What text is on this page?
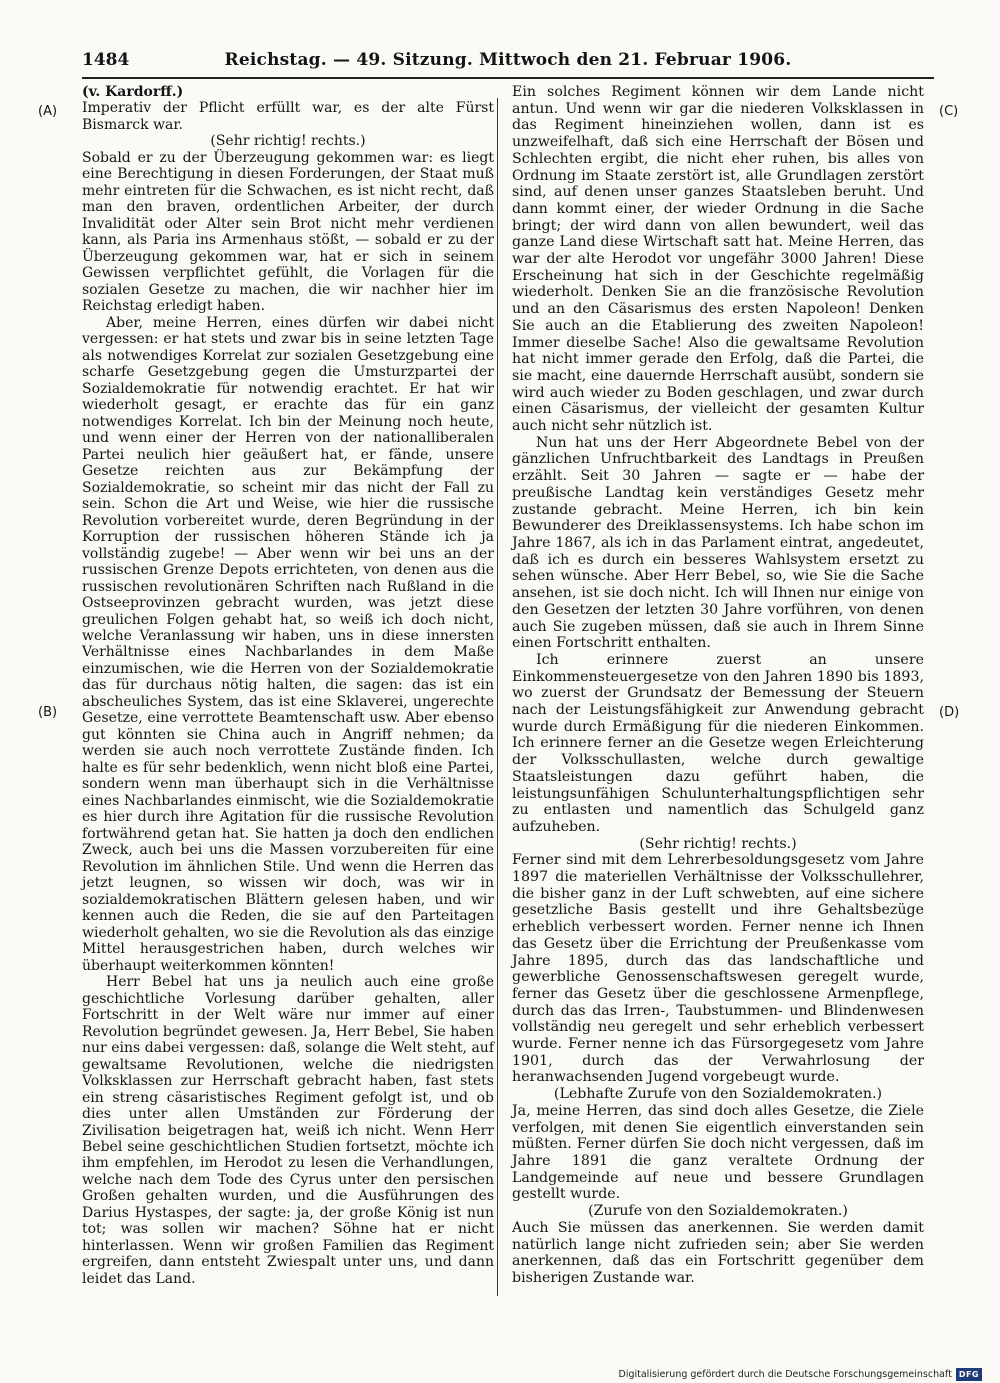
1484	Reichstag. — 49. Sitzung. Mittwoch den 21. Februar 1906.
(A)
(B)
(C)
(D)

(v. Kardorff.)

Imperativ der Pflicht erfüllt war, es der alte Fürst Bismarck war.

(Sehr richtig! rechts.)

Sobald er zu der Überzeugung gekommen war: es liegt eine Berechtigung in diesen Forderungen, der Staat muß mehr eintreten für die Schwachen, es ist nicht recht, daß man den braven, ordentlichen Arbeiter, der durch Invalidität oder Alter sein Brot nicht mehr verdienen kann, als Paria ins Armenhaus stößt, — sobald er zu der Überzeugung gekommen war, hat er sich in seinem Gewissen verpflichtet gefühlt, die Vorlagen für die sozialen Gesetze zu machen, die wir nachher hier im Reichstag erledigt haben.

Aber, meine Herren, eines dürfen wir dabei nicht vergessen: er hat stets und zwar bis in seine letzten Tage als notwendiges Korrelat zur sozialen Gesetzgebung eine scharfe Gesetzgebung gegen die Umsturzpartei der Sozialdemokratie für notwendig erachtet. Er hat wir wiederholt gesagt, er erachte das für ein ganz notwendiges Korrelat. Ich bin der Meinung noch heute, und wenn einer der Herren von der nationalliberalen Partei neulich hier geäußert hat, er fände, unsere Gesetze reichten aus zur Bekämpfung der Sozialdemokratie, so scheint mir das nicht der Fall zu sein. Schon die Art und Weise, wie hier die russische Revolution vorbereitet wurde, deren Begründung in der Korruption der russischen höheren Stände ich ja vollständig zugebe! — Aber wenn wir bei uns an der russischen Grenze Depots errichteten, von denen aus die russischen revolutionären Schriften nach Rußland in die Ostseeprovinzen gebracht wurden, was jetzt diese greulichen Folgen gehabt hat, so weiß ich doch nicht, welche Veranlassung wir haben, uns in diese innersten Verhältnisse eines Nachbarlandes in dem Maße einzumischen, wie die Herren von der Sozialdemokratie das für durchaus nötig halten, die sagen: das ist ein abscheuliches System, das ist eine Sklaverei, ungerechte Gesetze, eine verrottete Beamtenschaft usw. Aber ebenso gut könnten sie China auch in Angriff nehmen; da werden sie auch noch verrottete Zustände finden. Ich halte es für sehr bedenklich, wenn nicht bloß eine Partei, sondern wenn man überhaupt sich in die Verhältnisse eines Nachbarlandes einmischt, wie die Sozialdemokratie es hier durch ihre Agitation für die russische Revolution fortwährend getan hat. Sie hatten ja doch den endlichen Zweck, auch bei uns die Massen vorzubereiten für eine Revolution im ähnlichen Stile. Und wenn die Herren das jetzt leugnen, so wissen wir doch, was wir in sozialdemokratischen Blättern gelesen haben, und wir kennen auch die Reden, die sie auf den Parteitagen wiederholt gehalten, wo sie die Revolution als das einzige Mittel herausgestrichen haben, durch welches wir überhaupt weiterkommen könnten!

Herr Bebel hat uns ja neulich auch eine große geschichtliche Vorlesung darüber gehalten, aller Fortschritt in der Welt wäre nur immer auf einer Revolution begründet gewesen. Ja, Herr Bebel, Sie haben nur eins dabei vergessen: daß, solange die Welt steht, auf gewaltsame Revolutionen, welche die niedrigsten Volksklassen zur Herrschaft gebracht haben, fast stets ein streng cäsaristisches Regiment gefolgt ist, und ob dies unter allen Umständen zur Förderung der Zivilisation beigetragen hat, weiß ich nicht. Wenn Herr Bebel seine geschichtlichen Studien fortsetzt, möchte ich ihm empfehlen, im Herodot zu lesen die Verhandlungen, welche nach dem Tode des Cyrus unter den persischen Großen gehalten wurden, und die Ausführungen des Darius Hystaspes, der sagte: ja, der große König ist nun tot; was sollen wir machen? Söhne hat er nicht hinterlassen. Wenn wir großen Familien das Regiment ergreifen, dann entsteht Zwiespalt unter uns, und dann leidet das Land.

Ein solches Regiment können wir dem Lande nicht antun. Und wenn wir gar die niederen Volksklassen in das Regiment hineinziehen wollen, dann ist es unzweifelhaft, daß sich eine Herrschaft der Bösen und Schlechten ergibt, die nicht eher ruhen, bis alles von Ordnung im Staate zerstört ist, alle Grundlagen zerstört sind, auf denen unser ganzes Staatsleben beruht. Und dann kommt einer, der wieder Ordnung in die Sache bringt; der wird dann von allen bewundert, weil das ganze Land diese Wirtschaft satt hat. Meine Herren, das war der alte Herodot vor ungefähr 3000 Jahren! Diese Erscheinung hat sich in der Geschichte regelmäßig wiederholt. Denken Sie an die französische Revolution und an den Cäsarismus des ersten Napoleon! Denken Sie auch an die Etablierung des zweiten Napoleon! Immer dieselbe Sache! Also die gewaltsame Revolution hat nicht immer gerade den Erfolg, daß die Partei, die sie macht, eine dauernde Herrschaft ausübt, sondern sie wird auch wieder zu Boden geschlagen, und zwar durch einen Cäsarismus, der vielleicht der gesamten Kultur auch nicht sehr nützlich ist.

Nun hat uns der Herr Abgeordnete Bebel von der gänzlichen Unfruchtbarkeit des Landtags in Preußen erzählt. Seit 30 Jahren — sagte er — habe der preußische Landtag kein verständiges Gesetz mehr zustande gebracht. Meine Herren, ich bin kein Bewunderer des Dreiklassensystems. Ich habe schon im Jahre 1867, als ich in das Parlament eintrat, angedeutet, daß ich es durch ein besseres Wahlsystem ersetzt zu sehen wünsche. Aber Herr Bebel, so, wie Sie die Sache ansehen, ist sie doch nicht. Ich will Ihnen nur einige von den Gesetzen der letzten 30 Jahre vorführen, von denen auch Sie zugeben müssen, daß sie auch in Ihrem Sinne einen Fortschritt enthalten.

Ich erinnere zuerst an unsere Einkommensteuergesetze von den Jahren 1890 bis 1893, wo zuerst der Grundsatz der Bemessung der Steuern nach der Leistungsfähigkeit zur Anwendung gebracht wurde durch Ermäßigung für die niederen Einkommen. Ich erinnere ferner an die Gesetze wegen Erleichterung der Volksschullasten, welche durch gewaltige Staatsleistungen dazu geführt haben, die leistungsunfähigen Schulunterhaltungspflichtigen sehr zu entlasten und namentlich das Schulgeld ganz aufzuheben.

(Sehr richtig! rechts.)

Ferner sind mit dem Lehrerbesoldungsgesetz vom Jahre 1897 die materiellen Verhältnisse der Volksschullehrer, die bisher ganz in der Luft schwebten, auf eine sichere gesetzliche Basis gestellt und ihre Gehaltsbezüge erheblich verbessert worden. Ferner nenne ich Ihnen das Gesetz über die Errichtung der Preußenkasse vom Jahre 1895, durch das das landschaftliche und gewerbliche Genossenschaftswesen geregelt wurde, ferner das Gesetz über die geschlossene Armenpflege, durch das das Irren-, Taubstummen- und Blindenwesen vollständig neu geregelt und sehr erheblich verbessert wurde. Ferner nenne ich das Fürsorgegesetz vom Jahre 1901, durch das der Verwahrlosung der heranwachsenden Jugend vorgebeugt wurde.

(Lebhafte Zurufe von den Sozialdemokraten.)

Ja, meine Herren, das sind doch alles Gesetze, die Ziele verfolgen, mit denen Sie eigentlich einverstanden sein müßten. Ferner dürfen Sie doch nicht vergessen, daß im Jahre 1891 die ganz veraltete Ordnung der Landgemeinde auf neue und bessere Grundlagen gestellt wurde.

(Zurufe von den Sozialdemokraten.)

Auch Sie müssen das anerkennen. Sie werden damit natürlich lange nicht zufrieden sein; aber Sie werden anerkennen, daß das ein Fortschritt gegenüber dem bisherigen Zustande war.

Digitalisierung gefördert durch die Deutsche Forschungsgemeinschaft DFG
